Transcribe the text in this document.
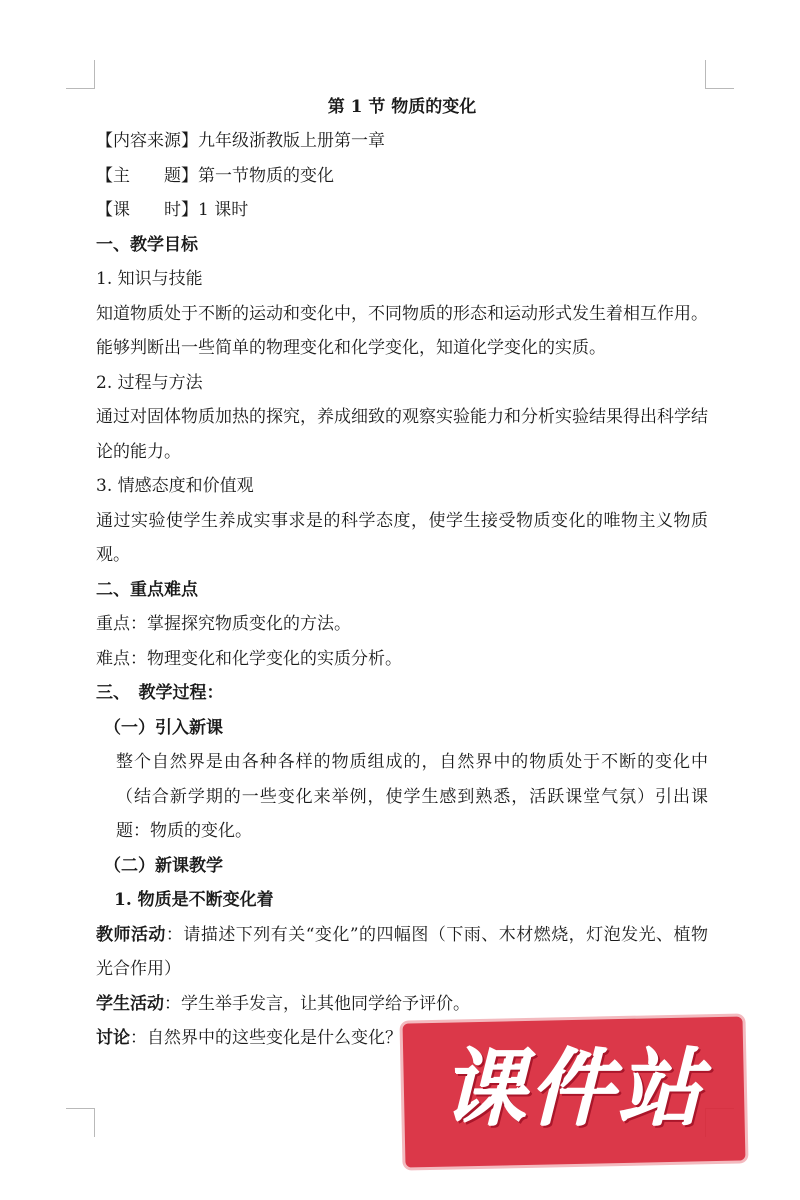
第 1 节 物质的变化
【内容来源】九年级浙教版上册第一章
【主　　题】第一节物质的变化
【课　　时】1 课时
一、教学目标
1. 知识与技能
知道物质处于不断的运动和变化中，不同物质的形态和运动形式发生着相互作用。
能够判断出一些简单的物理变化和化学变化，知道化学变化的实质。
2. 过程与方法
通过对固体物质加热的探究，养成细致的观察实验能力和分析实验结果得出科学结论的能力。
3. 情感态度和价值观
通过实验使学生养成实事求是的科学态度，使学生接受物质变化的唯物主义物质观。
二、重点难点
重点：掌握探究物质变化的方法。
难点：物理变化和化学变化的实质分析。
三、　教学过程：
（一）引入新课
整个自然界是由各种各样的物质组成的，自然界中的物质处于不断的变化中（结合新学期的一些变化来举例，使学生感到熟悉，活跃课堂气氛）引出课题：物质的变化。
（二）新课教学
1. 物质是不断变化着
教师活动：请描述下列有关“变化”的四幅图（下雨、木材燃烧，灯泡发光、植物光合作用）
学生活动：学生举手发言，让其他同学给予评价。
讨论：自然界中的这些变化是什么变化？
课件站
